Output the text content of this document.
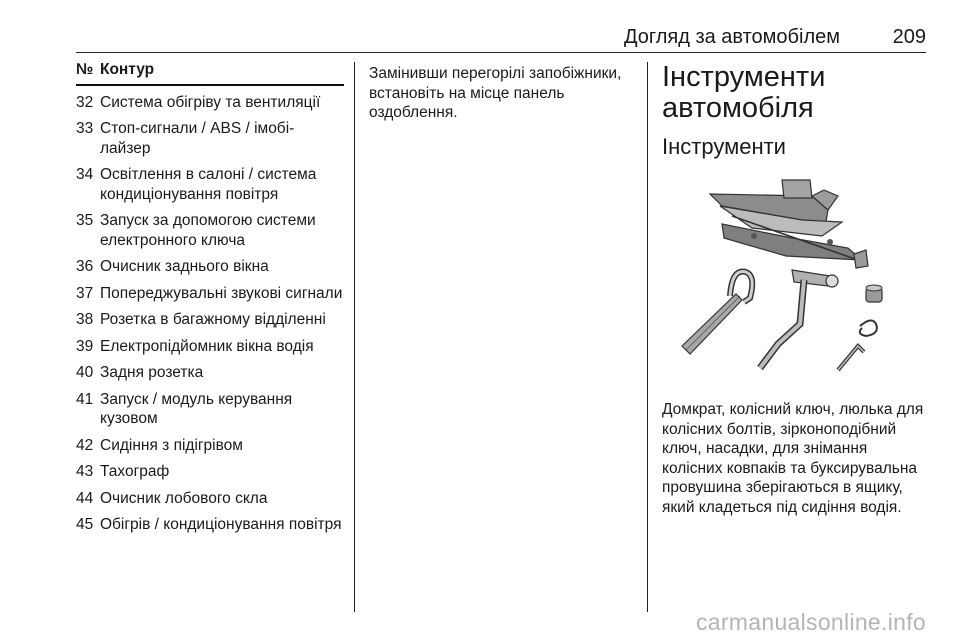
Догляд за автомобілем	209
№ Контур
32 Система обігріву та вентиляції
33 Стоп-сигнали / ABS / імобі-лайзер
34 Освітлення в салоні / система кондиціонування повітря
35 Запуск за допомогою системи електронного ключа
36 Очисник заднього вікна
37 Попереджувальні звукові сигнали
38 Розетка в багажному відділенні
39 Електропідйомник вікна водія
40 Задня розетка
41 Запуск / модуль керування кузовом
42 Сидіння з підігрівом
43 Тахограф
44 Очисник лобового скла
45 Обігрів / кондиціонування повітря
Замінивши перегорілі запобіжники, встановіть на місце панель оздоблення.
Інструменти автомобіля
Інструменти
Домкрат, колісний ключ, люлька для колісних болтів, зірконоподібний ключ, насадки, для знімання колісних ковпаків та буксирувальна провушина зберігаються в ящику, який кладеться під сидіння водія.
carmanualsonline.info
